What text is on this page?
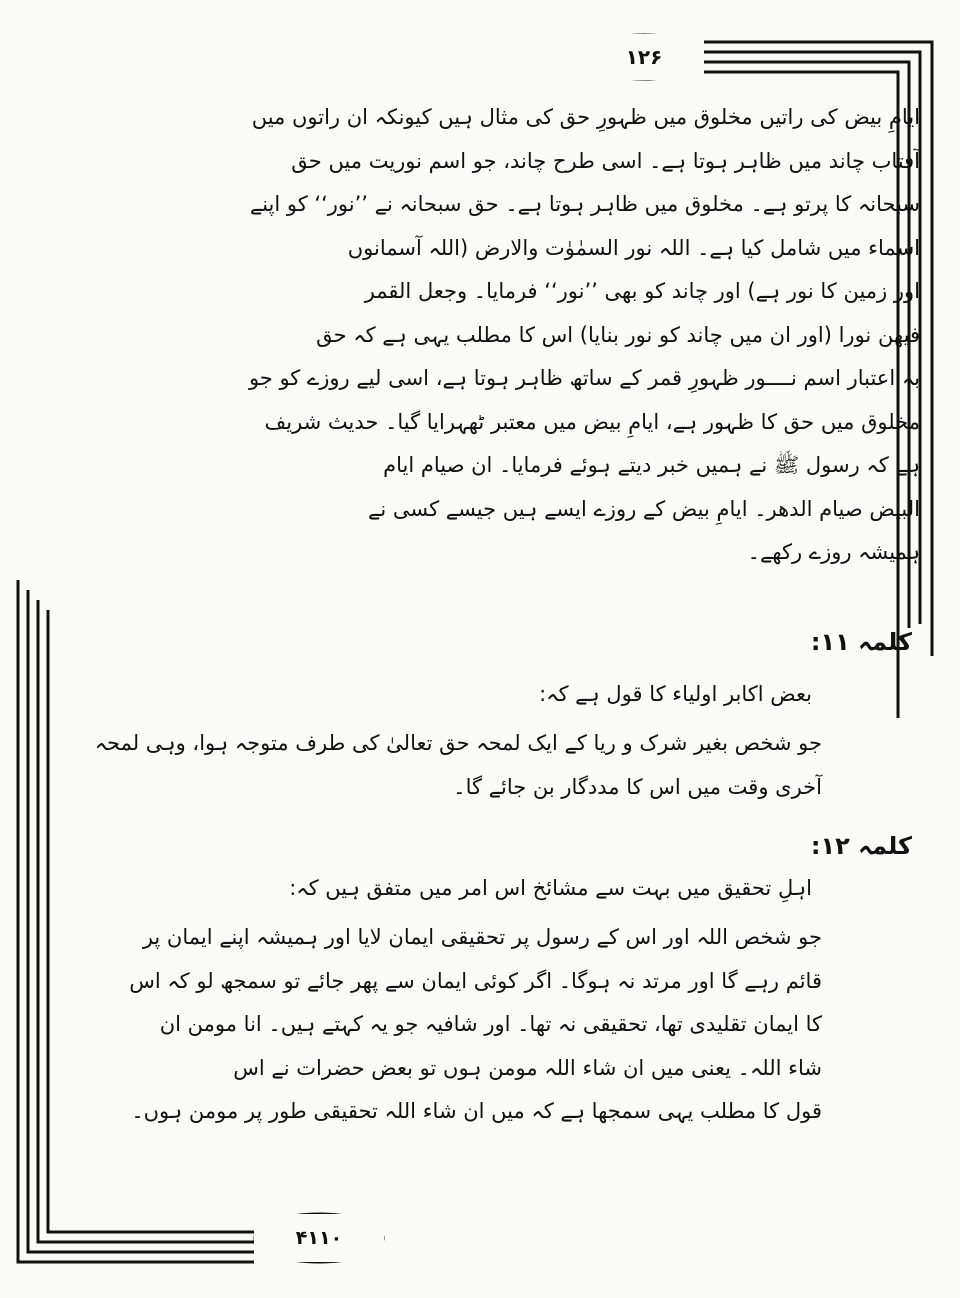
۱۲۶
۴۱۱۰
ایامِ بیض کی راتیں مخلوق میں ظہورِ حق کی مثال ہیں کیونکہ ان راتوں میں
آفتاب چاند میں ظاہر ہوتا ہے۔ اسی طرح چاند، جو اسم نوریت میں حق
سبحانہ کا پرتو ہے۔ مخلوق میں ظاہر ہوتا ہے۔ حق سبحانہ نے ’’نور‘‘ کو اپنے
اسماء میں شامل کیا ہے۔ اللہ نور السمٰوٰت والارض (اللہ آسمانوں
اور زمین کا نور ہے) اور چاند کو بھی ’’نور‘‘ فرمایا۔ وجعل القمر
فیھن نورا (اور ان میں چاند کو نور بنایا) اس کا مطلب یہی ہے کہ حق
بہ اعتبار اسم نــــور ظہورِ قمر کے ساتھ ظاہر ہوتا ہے، اسی لیے روزے کو جو
مخلوق میں حق کا ظہور ہے، ایامِ بیض میں معتبر ٹھہرایا گیا۔ حدیث شریف
ہے کہ رسول ﷺ نے ہمیں خبر دیتے ہوئے فرمایا۔ ان صیام ایام
البیض صیام الدھر۔ ایامِ بیض کے روزے ایسے ہیں جیسے کسی نے
ہمیشہ روزے رکھے۔
کلمہ ۱۱:
بعض اکابر اولیاء کا قول ہے کہ:
جو شخص بغیر شرک و ریا کے ایک لمحہ حق تعالیٰ کی طرف متوجہ ہوا، وہی لمحہ
آخری وقت میں اس کا مددگار بن جائے گا۔
کلمہ ۱۲:
اہلِ تحقیق میں بہت سے مشائخ اس امر میں متفق ہیں کہ:
جو شخص اللہ اور اس کے رسول پر تحقیقی ایمان لایا اور ہمیشہ اپنے ایمان پر
قائم رہے گا اور مرتد نہ ہوگا۔ اگر کوئی ایمان سے پھر جائے تو سمجھ لو کہ اس
کا ایمان تقلیدی تھا، تحقیقی نہ تھا۔ اور شافیہ جو یہ کہتے ہیں۔ انا مومن ان
شاء اللہ۔ یعنی میں ان شاء اللہ مومن ہوں تو بعض حضرات نے اس
قول کا مطلب یہی سمجھا ہے کہ میں ان شاء اللہ تحقیقی طور پر مومن ہوں۔
